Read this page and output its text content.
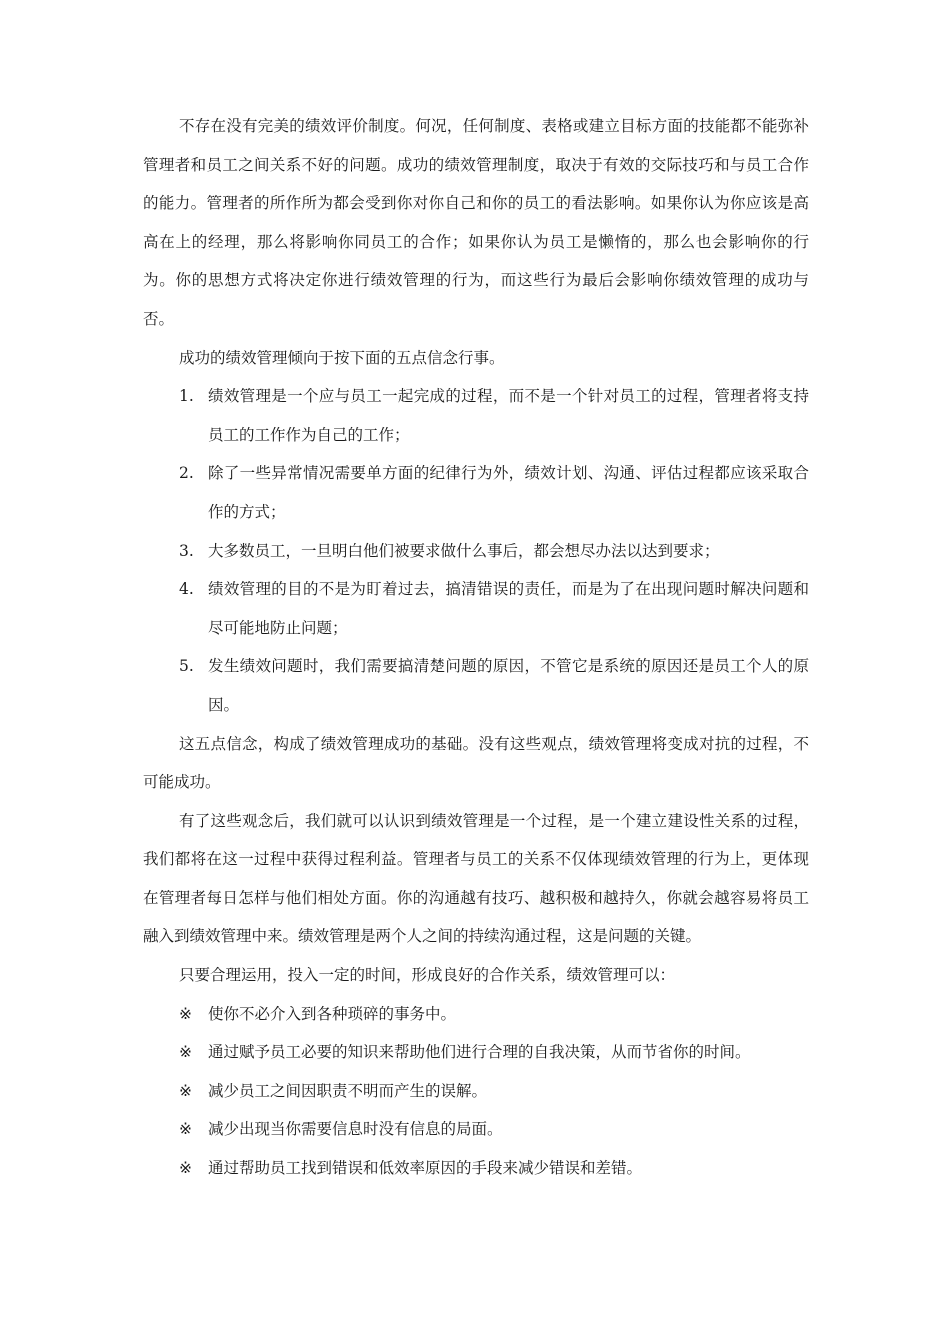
不存在没有完美的绩效评价制度。何况，任何制度、表格或建立目标方面的技能都不能弥补管理者和员工之间关系不好的问题。成功的绩效管理制度，取决于有效的交际技巧和与员工合作的能力。管理者的所作所为都会受到你对你自己和你的员工的看法影响。如果你认为你应该是高高在上的经理，那么将影响你同员工的合作；如果你认为员工是懒惰的，那么也会影响你的行为。你的思想方式将决定你进行绩效管理的行为，而这些行为最后会影响你绩效管理的成功与否。

成功的绩效管理倾向于按下面的五点信念行事。

1. 绩效管理是一个应与员工一起完成的过程，而不是一个针对员工的过程，管理者将支持员工的工作作为自己的工作；
2. 除了一些异常情况需要单方面的纪律行为外，绩效计划、沟通、评估过程都应该采取合作的方式；
3. 大多数员工，一旦明白他们被要求做什么事后，都会想尽办法以达到要求；
4. 绩效管理的目的不是为盯着过去，搞清错误的责任，而是为了在出现问题时解决问题和尽可能地防止问题；
5. 发生绩效问题时，我们需要搞清楚问题的原因，不管它是系统的原因还是员工个人的原因。

这五点信念，构成了绩效管理成功的基础。没有这些观点，绩效管理将变成对抗的过程，不可能成功。

有了这些观念后，我们就可以认识到绩效管理是一个过程，是一个建立建设性关系的过程，我们都将在这一过程中获得过程利益。管理者与员工的关系不仅体现绩效管理的行为上，更体现在管理者每日怎样与他们相处方面。你的沟通越有技巧、越积极和越持久，你就会越容易将员工融入到绩效管理中来。绩效管理是两个人之间的持续沟通过程，这是问题的关键。

只要合理运用，投入一定的时间，形成良好的合作关系，绩效管理可以：

※ 使你不必介入到各种琐碎的事务中。
※ 通过赋予员工必要的知识来帮助他们进行合理的自我决策，从而节省你的时间。
※ 减少员工之间因职责不明而产生的误解。
※ 减少出现当你需要信息时没有信息的局面。
※ 通过帮助员工找到错误和低效率原因的手段来减少错误和差错。
